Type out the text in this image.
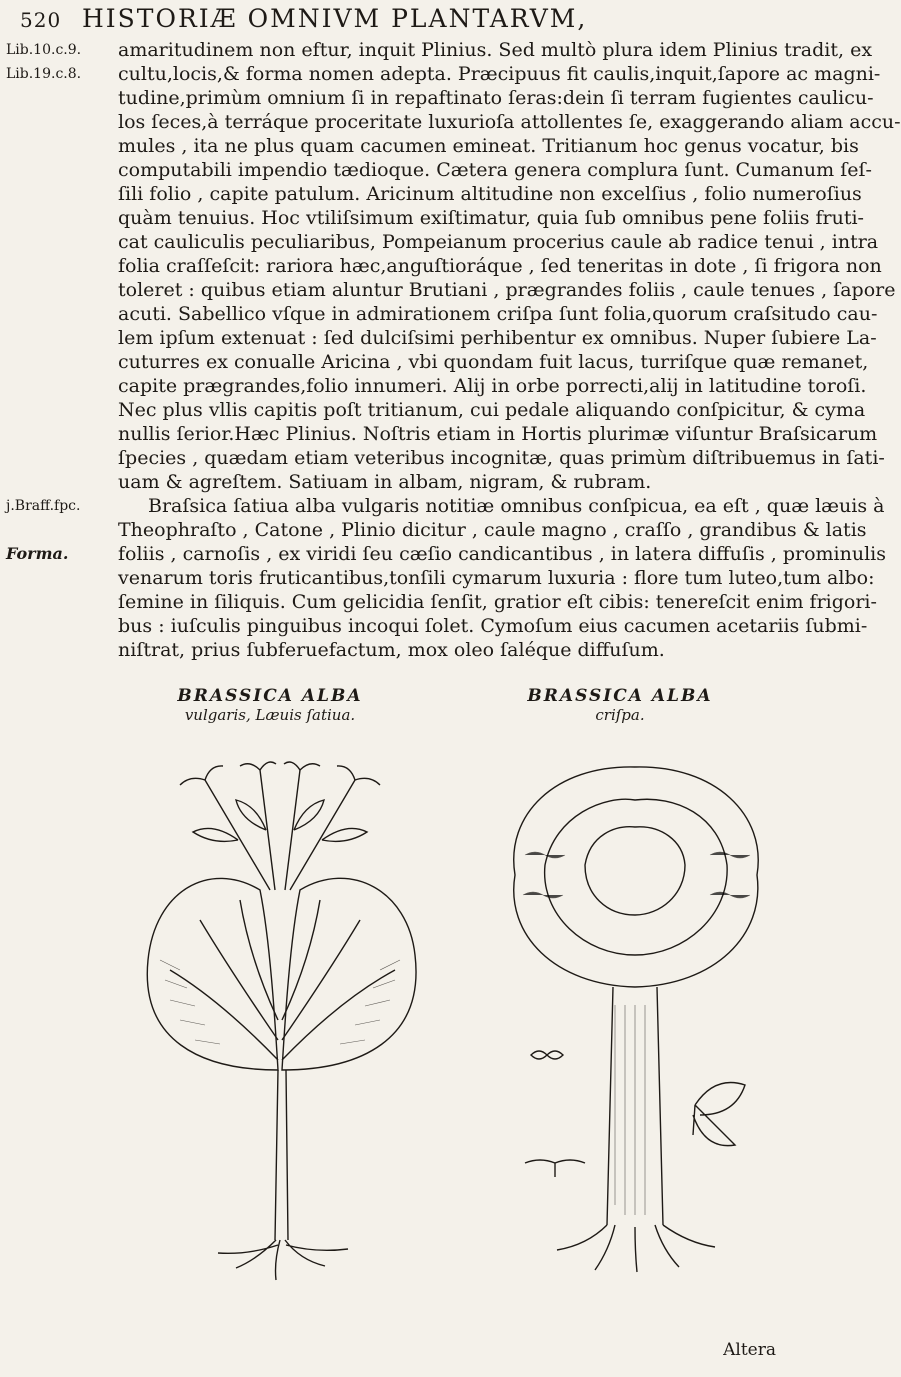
520 HISTORIÆ OMNIVM PLANTARVM,
Lib.10.c.9.
Lib.19.c.8.
j.Braff.fpc.
Forma.
amaritudinem non eftur, inquit Plinius. Sed multò plura idem Plinius tradit, ex
cultu,locis,& forma nomen adepta. Præcipuus fit caulis,inquit,ſapore ac magni-
tudine,primùm omnium ſi in repaftinato ſeras:dein ſi terram fugientes caulicu-
los ſeces,à terráque proceritate luxurioſa attollentes ſe, exaggerando aliam accu-
mules , ita ne plus quam cacumen emineat. Tritianum hoc genus vocatur, bis
computabili impendio tædioque. Cætera genera complura ſunt. Cumanum ſeſ-
ſili folio , capite patulum. Aricinum altitudine non excelſius , folio numeroſius
quàm tenuius. Hoc vtiliſsimum exiſtimatur, quia ſub omnibus pene foliis fruti-
cat cauliculis peculiaribus, Pompeianum procerius caule ab radice tenui , intra
folia craſſeſcit: rariora hæc,anguſtioráque , ſed teneritas in dote , ſi frigora non
toleret : quibus etiam aluntur Brutiani , prægrandes foliis , caule tenues , ſapore
acuti. Sabellico vſque in admirationem criſpa ſunt folia,quorum craſsitudo cau-
lem ipſum extenuat : ſed dulciſsimi perhibentur ex omnibus. Nuper ſubiere La-
cuturres ex conualle Aricina , vbi quondam fuit lacus, turriſque quæ remanet,
capite prægrandes,folio innumeri. Alij in orbe porrecti,alij in latitudine toroſi.
Nec plus vllis capitis poſt tritianum, cui pedale aliquando conſpicitur, & cyma
nullis ſerior.Hæc Plinius. Noſtris etiam in Hortis plurimæ viſuntur Braſsicarum
ſpecies , quædam etiam veteribus incognitæ, quas primùm diſtribuemus in ſati-
uam & agreſtem. Satiuam in albam, nigram, & rubram.
Braſsica ſatiua alba vulgaris notitiæ omnibus conſpicua, ea eſt , quæ læuis à
Theophraſto , Catone , Plinio dicitur , caule magno , craſſo , grandibus & latis
foliis , carnoſis , ex viridi ſeu cæſio candicantibus , in latera diffuſis , prominulis
venarum toris fruticantibus,tonſili cymarum luxuria : flore tum luteo,tum albo:
ſemine in ſiliquis. Cum gelicidia ſenſit, gratior eſt cibis: tenereſcit enim frigori-
bus : iuſculis pinguibus incoqui ſolet. Cymoſum eius cacumen acetariis ſubmi-
niſtrat, prius ſubferuefactum, mox oleo ſaléque diffuſum.
BRASSICA ALBA
vulgaris, Læuis ſatiua.
BRASSICA ALBA
criſpa.
Altera
